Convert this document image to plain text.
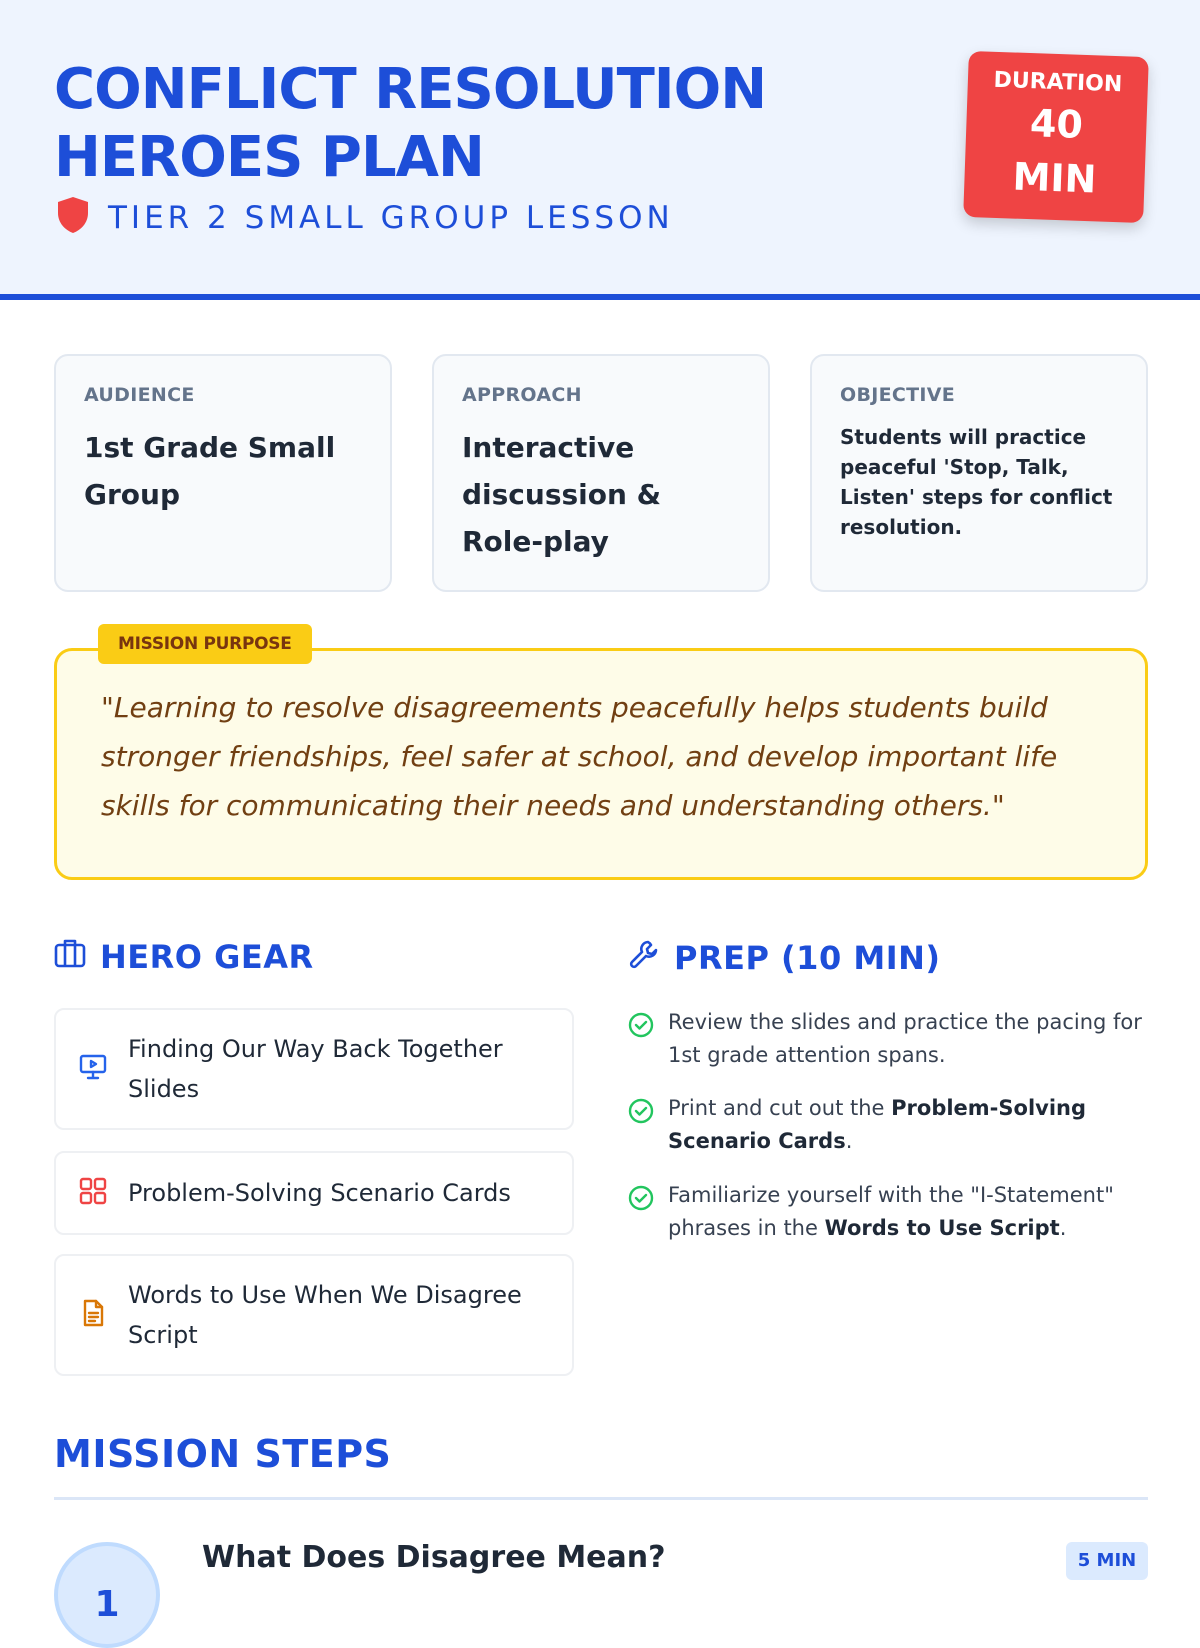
CONFLICT RESOLUTION
HEROES PLAN
TIER 2 SMALL GROUP LESSON
DURATION
40
MIN
AUDIENCE
1st Grade Small Group
APPROACH
Interactive discussion & Role-play
OBJECTIVE
Students will practice peaceful 'Stop, Talk, Listen' steps for conflict resolution.
"Learning to resolve disagreements peacefully helps students build stronger friendships, feel safer at school, and develop important life skills for communicating their needs and understanding others."
MISSION PURPOSE
HERO GEAR
Finding Our Way Back Together Slides
Problem-Solving Scenario Cards
Words to Use When We Disagree Script
PREP (10 MIN)
Review the slides and practice the pacing for 1st grade attention spans.
Print and cut out the Problem-Solving Scenario Cards.
Familiarize yourself with the "I-Statement" phrases in the Words to Use Script.
MISSION STEPS
1
What Does Disagree Mean?	5 MIN
